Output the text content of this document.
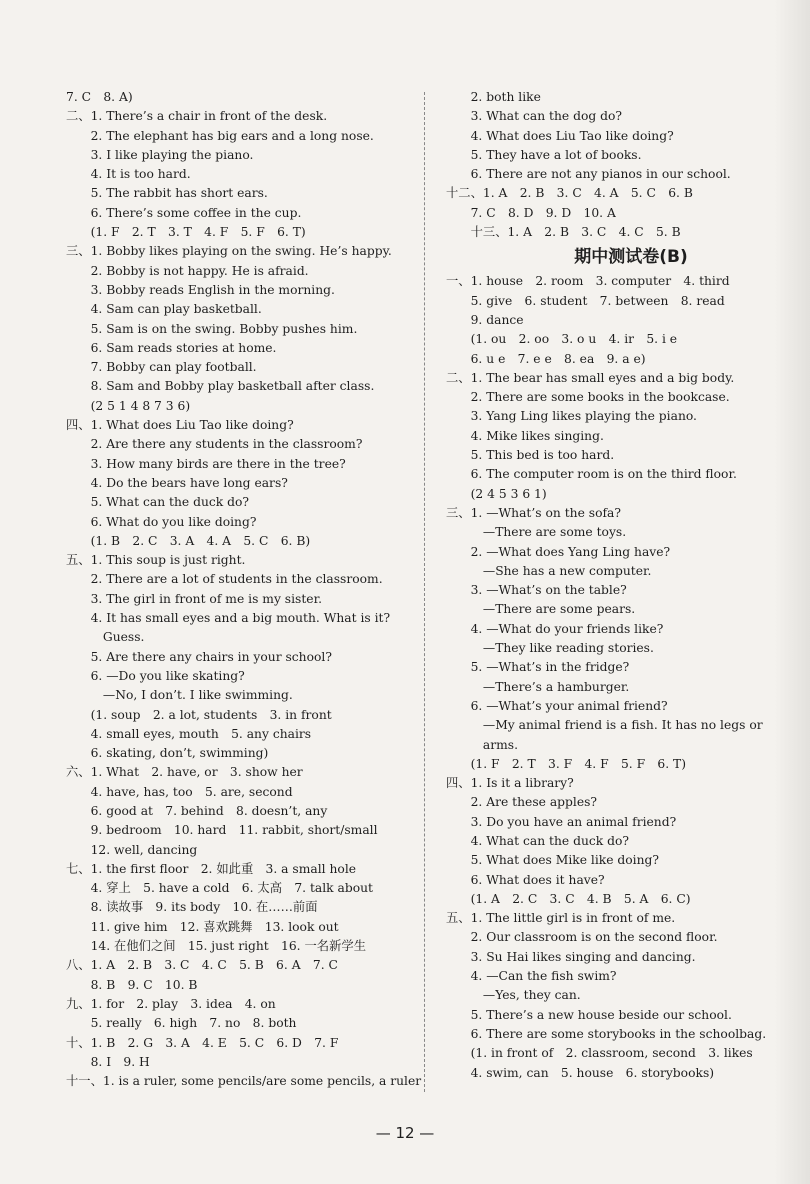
7. C　8. A)
二、1. There’s a chair in front of the desk.
　　2. The elephant has big ears and a long nose.
　　3. I like playing the piano.
　　4. It is too hard.
　　5. The rabbit has short ears.
　　6. There’s some coffee in the cup.
　　(1. F　2. T　3. T　4. F　5. F　6. T)
三、1. Bobby likes playing on the swing. He’s happy.
　　2. Bobby is not happy. He is afraid.
　　3. Bobby reads English in the morning.
　　4. Sam can play basketball.
　　5. Sam is on the swing. Bobby pushes him.
　　6. Sam reads stories at home.
　　7. Bobby can play football.
　　8. Sam and Bobby play basketball after class.
　　(2 5 1 4 8 7 3 6)
四、1. What does Liu Tao like doing?
　　2. Are there any students in the classroom?
　　3. How many birds are there in the tree?
　　4. Do the bears have long ears?
　　5. What can the duck do?
　　6. What do you like doing?
　　(1. B　2. C　3. A　4. A　5. C　6. B)
五、1. This soup is just right.
　　2. There are a lot of students in the classroom.
　　3. The girl in front of me is my sister.
　　4. It has small eyes and a big mouth. What is it?
　　　Guess.
　　5. Are there any chairs in your school?
　　6. —Do you like skating?
　　　—No, I don’t. I like swimming.
　　(1. soup　2. a lot, students　3. in front
　　4. small eyes, mouth　5. any chairs
　　6. skating, don’t, swimming)
六、1. What　2. have, or　3. show her
　　4. have, has, too　5. are, second
　　6. good at　7. behind　8. doesn’t, any
　　9. bedroom　10. hard　11. rabbit, short/small
　　12. well, dancing
七、1. the first floor　2. 如此重　3. a small hole
　　4. 穿上　5. have a cold　6. 太高　7. talk about
　　8. 读故事　9. its body　10. 在……前面
　　11. give him　12. 喜欢跳舞　13. look out
　　14. 在他们之间　15. just right　16. 一名新学生
八、1. A　2. B　3. C　4. C　5. B　6. A　7. C
　　8. B　9. C　10. B
九、1. for　2. play　3. idea　4. on
　　5. really　6. high　7. no　8. both
十、1. B　2. G　3. A　4. E　5. C　6. D　7. F
　　8. I　9. H
十一、1. is a ruler, some pencils/are some pencils, a ruler
　　2. both like
　　3. What can the dog do?
　　4. What does Liu Tao like doing?
　　5. They have a lot of books.
　　6. There are not any pianos in our school.
十二、1. A　2. B　3. C　4. A　5. C　6. B
　　7. C　8. D　9. D　10. A
　　十三、1. A　2. B　3. C　4. C　5. B
期中测试卷(B)
一、1. house　2. room　3. computer　4. third
　　5. give　6. student　7. between　8. read
　　9. dance
　　(1. ou　2. oo　3. o u　4. ir　5. i e
　　6. u e　7. e e　8. ea　9. a e)
二、1. The bear has small eyes and a big body.
　　2. There are some books in the bookcase.
　　3. Yang Ling likes playing the piano.
　　4. Mike likes singing.
　　5. This bed is too hard.
　　6. The computer room is on the third floor.
　　(2 4 5 3 6 1)
三、1. —What’s on the sofa?
　　　—There are some toys.
　　2. —What does Yang Ling have?
　　　—She has a new computer.
　　3. —What’s on the table?
　　　—There are some pears.
　　4. —What do your friends like?
　　　—They like reading stories.
　　5. —What’s in the fridge?
　　　—There’s a hamburger.
　　6. —What’s your animal friend?
　　　—My animal friend is a fish. It has no legs or
　　　arms.
　　(1. F　2. T　3. F　4. F　5. F　6. T)
四、1. Is it a library?
　　2. Are these apples?
　　3. Do you have an animal friend?
　　4. What can the duck do?
　　5. What does Mike like doing?
　　6. What does it have?
　　(1. A　2. C　3. C　4. B　5. A　6. C)
五、1. The little girl is in front of me.
　　2. Our classroom is on the second floor.
　　3. Su Hai likes singing and dancing.
　　4. —Can the fish swim?
　　　—Yes, they can.
　　5. There’s a new house beside our school.
　　6. There are some storybooks in the schoolbag.
　　(1. in front of　2. classroom, second　3. likes
　　4. swim, can　5. house　6. storybooks)
— 12 —
